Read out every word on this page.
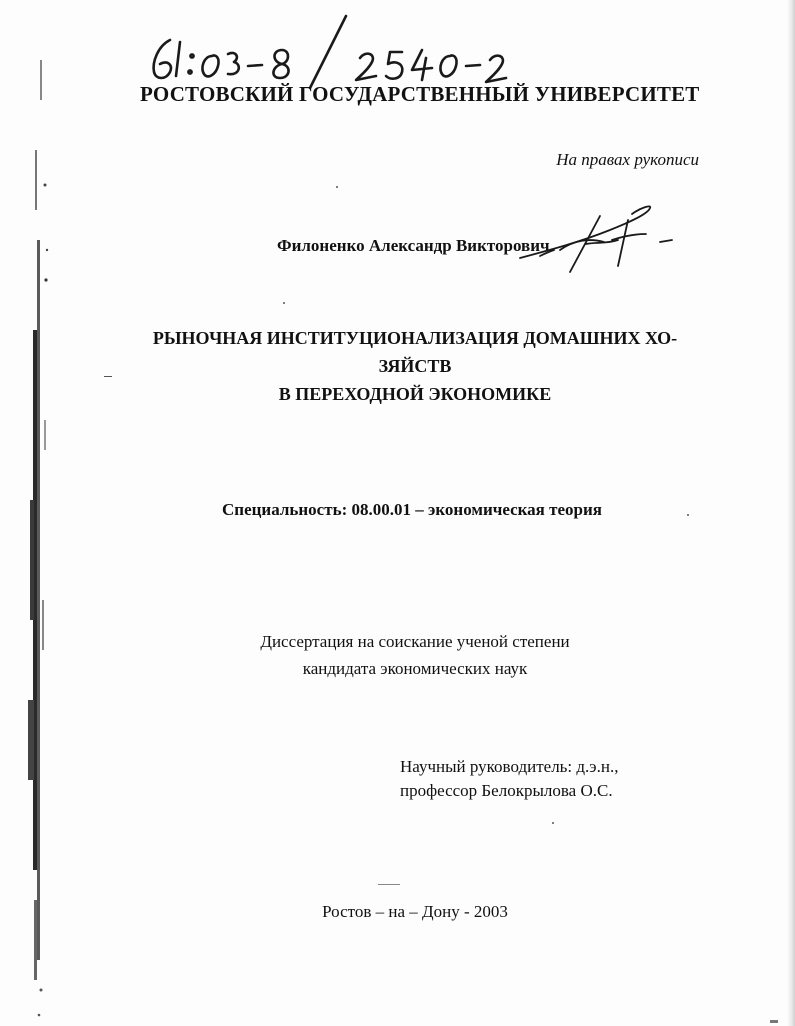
61:03-8/2540-2
РОСТОВСКИЙ ГОСУДАРСТВЕННЫЙ УНИВЕРСИТЕТ
На правах рукописи
Филоненко Александр Викторович
РЫНОЧНАЯ ИНСТИТУЦИОНАЛИЗАЦИЯ ДОМАШНИХ ХО-
ЗЯЙСТВ
В ПЕРЕХОДНОЙ ЭКОНОМИКЕ
Специальность: 08.00.01 – экономическая теория
Диссертация на соискание ученой степени
кандидата экономических наук
Научный руководитель: д.э.н.,
профессор Белокрылова О.С.
Ростов – на – Дону - 2003
